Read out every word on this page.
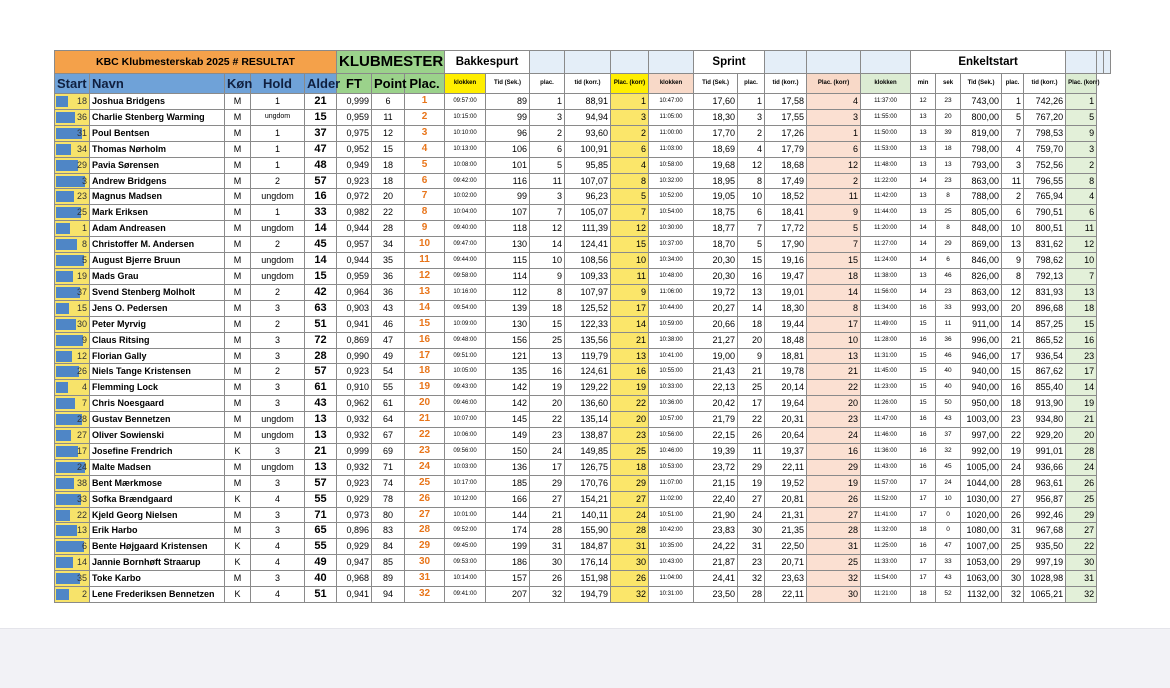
KBC Klubmesterskab 2025 # RESULTAT					KLUBMESTER			Bakkespurt						Sprint					Enkeltstart							
Start	Navn	Køn	Hold	Alder	FT	Point	Plac.	klokken	Tid (Sek.)	plac.	tid (korr.)	Plac. (korr)	klokken	Tid (Sek.)	plac.	tid (korr.)	Plac. (korr)	klokken	min	sek	Tid (Sek.)	plac.	tid (korr.)	Plac. (korr)		

18	Joshua Bridgens	M	1	21	0,999	6	1	09:57:00	89	1	88,91	1	10:47:00	17,60	1	17,58	4	11:37:00	12	23	743,00	1	742,26	1		

36	Charlie Stenberg Warming	M	ungdom	15	0,959	11	2	10:15:00	99	3	94,94	3	11:05:00	18,30	3	17,55	3	11:55:00	13	20	800,00	5	767,20	5		

31	Poul Bentsen	M	1	37	0,975	12	3	10:10:00	96	2	93,60	2	11:00:00	17,70	2	17,26	1	11:50:00	13	39	819,00	7	798,53	9		

34	Thomas Nørholm	M	1	47	0,952	15	4	10:13:00	106	6	100,91	6	11:03:00	18,69	4	17,79	6	11:53:00	13	18	798,00	4	759,70	3		

29	Pavia Sørensen	M	1	48	0,949	18	5	10:08:00	101	5	95,85	4	10:58:00	19,68	12	18,68	12	11:48:00	13	13	793,00	3	752,56	2		

3	Andrew Bridgens	M	2	57	0,923	18	6	09:42:00	116	11	107,07	8	10:32:00	18,95	8	17,49	2	11:22:00	14	23	863,00	11	796,55	8		

23	Magnus Madsen	M	ungdom	16	0,972	20	7	10:02:00	99	3	96,23	5	10:52:00	19,05	10	18,52	11	11:42:00	13	8	788,00	2	765,94	4		

25	Mark Eriksen	M	1	33	0,982	22	8	10:04:00	107	7	105,07	7	10:54:00	18,75	6	18,41	9	11:44:00	13	25	805,00	6	790,51	6		

1	Adam Andreasen	M	ungdom	14	0,944	28	9	09:40:00	118	12	111,39	12	10:30:00	18,77	7	17,72	5	11:20:00	14	8	848,00	10	800,51	11		

8	Christoffer M. Andersen	M	2	45	0,957	34	10	09:47:00	130	14	124,41	15	10:37:00	18,70	5	17,90	7	11:27:00	14	29	869,00	13	831,62	12		

5	August Bjerre Bruun	M	ungdom	14	0,944	35	11	09:44:00	115	10	108,56	10	10:34:00	20,30	15	19,16	15	11:24:00	14	6	846,00	9	798,62	10		

19	Mads Grau	M	ungdom	15	0,959	36	12	09:58:00	114	9	109,33	11	10:48:00	20,30	16	19,47	18	11:38:00	13	46	826,00	8	792,13	7		

37	Svend Stenberg Molholt	M	2	42	0,964	36	13	10:16:00	112	8	107,97	9	11:06:00	19,72	13	19,01	14	11:56:00	14	23	863,00	12	831,93	13		

15	Jens O. Pedersen	M	3	63	0,903	43	14	09:54:00	139	18	125,52	17	10:44:00	20,27	14	18,30	8	11:34:00	16	33	993,00	20	896,68	18		

30	Peter Myrvig	M	2	51	0,941	46	15	10:09:00	130	15	122,33	14	10:59:00	20,66	18	19,44	17	11:49:00	15	11	911,00	14	857,25	15		

9	Claus Ritsing	M	3	72	0,869	47	16	09:48:00	156	25	135,56	21	10:38:00	21,27	20	18,48	10	11:28:00	16	36	996,00	21	865,52	16		

12	Florian Gally	M	3	28	0,990	49	17	09:51:00	121	13	119,79	13	10:41:00	19,00	9	18,81	13	11:31:00	15	46	946,00	17	936,54	23		

26	Niels Tange Kristensen	M	2	57	0,923	54	18	10:05:00	135	16	124,61	16	10:55:00	21,43	21	19,78	21	11:45:00	15	40	940,00	15	867,62	17		

4	Flemming Lock	M	3	61	0,910	55	19	09:43:00	142	19	129,22	19	10:33:00	22,13	25	20,14	22	11:23:00	15	40	940,00	16	855,40	14		

7	Chris Noesgaard	M	3	43	0,962	61	20	09:46:00	142	20	136,60	22	10:36:00	20,42	17	19,64	20	11:26:00	15	50	950,00	18	913,90	19		

28	Gustav Bennetzen	M	ungdom	13	0,932	64	21	10:07:00	145	22	135,14	20	10:57:00	21,79	22	20,31	23	11:47:00	16	43	1003,00	23	934,80	21		

27	Oliver Sowienski	M	ungdom	13	0,932	67	22	10:06:00	149	23	138,87	23	10:56:00	22,15	26	20,64	24	11:46:00	16	37	997,00	22	929,20	20		

17	Josefine Frendrich	K	3	21	0,999	69	23	09:56:00	150	24	149,85	25	10:46:00	19,39	11	19,37	16	11:36:00	16	32	992,00	19	991,01	28		

24	Malte Madsen	M	ungdom	13	0,932	71	24	10:03:00	136	17	126,75	18	10:53:00	23,72	29	22,11	29	11:43:00	16	45	1005,00	24	936,66	24		

38	Bent Mærkmose	M	3	57	0,923	74	25	10:17:00	185	29	170,76	29	11:07:00	21,15	19	19,52	19	11:57:00	17	24	1044,00	28	963,61	26		

33	Sofka Brændgaard	K	4	55	0,929	78	26	10:12:00	166	27	154,21	27	11:02:00	22,40	27	20,81	26	11:52:00	17	10	1030,00	27	956,87	25		

22	Kjeld Georg Nielsen	M	3	71	0,973	80	27	10:01:00	144	21	140,11	24	10:51:00	21,90	24	21,31	27	11:41:00	17	0	1020,00	26	992,46	29		

13	Erik Harbo	M	3	65	0,896	83	28	09:52:00	174	28	155,90	28	10:42:00	23,83	30	21,35	28	11:32:00	18	0	1080,00	31	967,68	27		

6	Bente Højgaard Kristensen	K	4	55	0,929	84	29	09:45:00	199	31	184,87	31	10:35:00	24,22	31	22,50	31	11:25:00	16	47	1007,00	25	935,50	22		

14	Jannie Bornhøft Straarup	K	4	49	0,947	85	30	09:53:00	186	30	176,14	30	10:43:00	21,87	23	20,71	25	11:33:00	17	33	1053,00	29	997,19	30		

35	Toke Karbo	M	3	40	0,968	89	31	10:14:00	157	26	151,98	26	11:04:00	24,41	32	23,63	32	11:54:00	17	43	1063,00	30	1028,98	31		

2	Lene Frederiksen Bennetzen	K	4	51	0,941	94	32	09:41:00	207	32	194,79	32	10:31:00	23,50	28	22,11	30	11:21:00	18	52	1132,00	32	1065,21	32		
